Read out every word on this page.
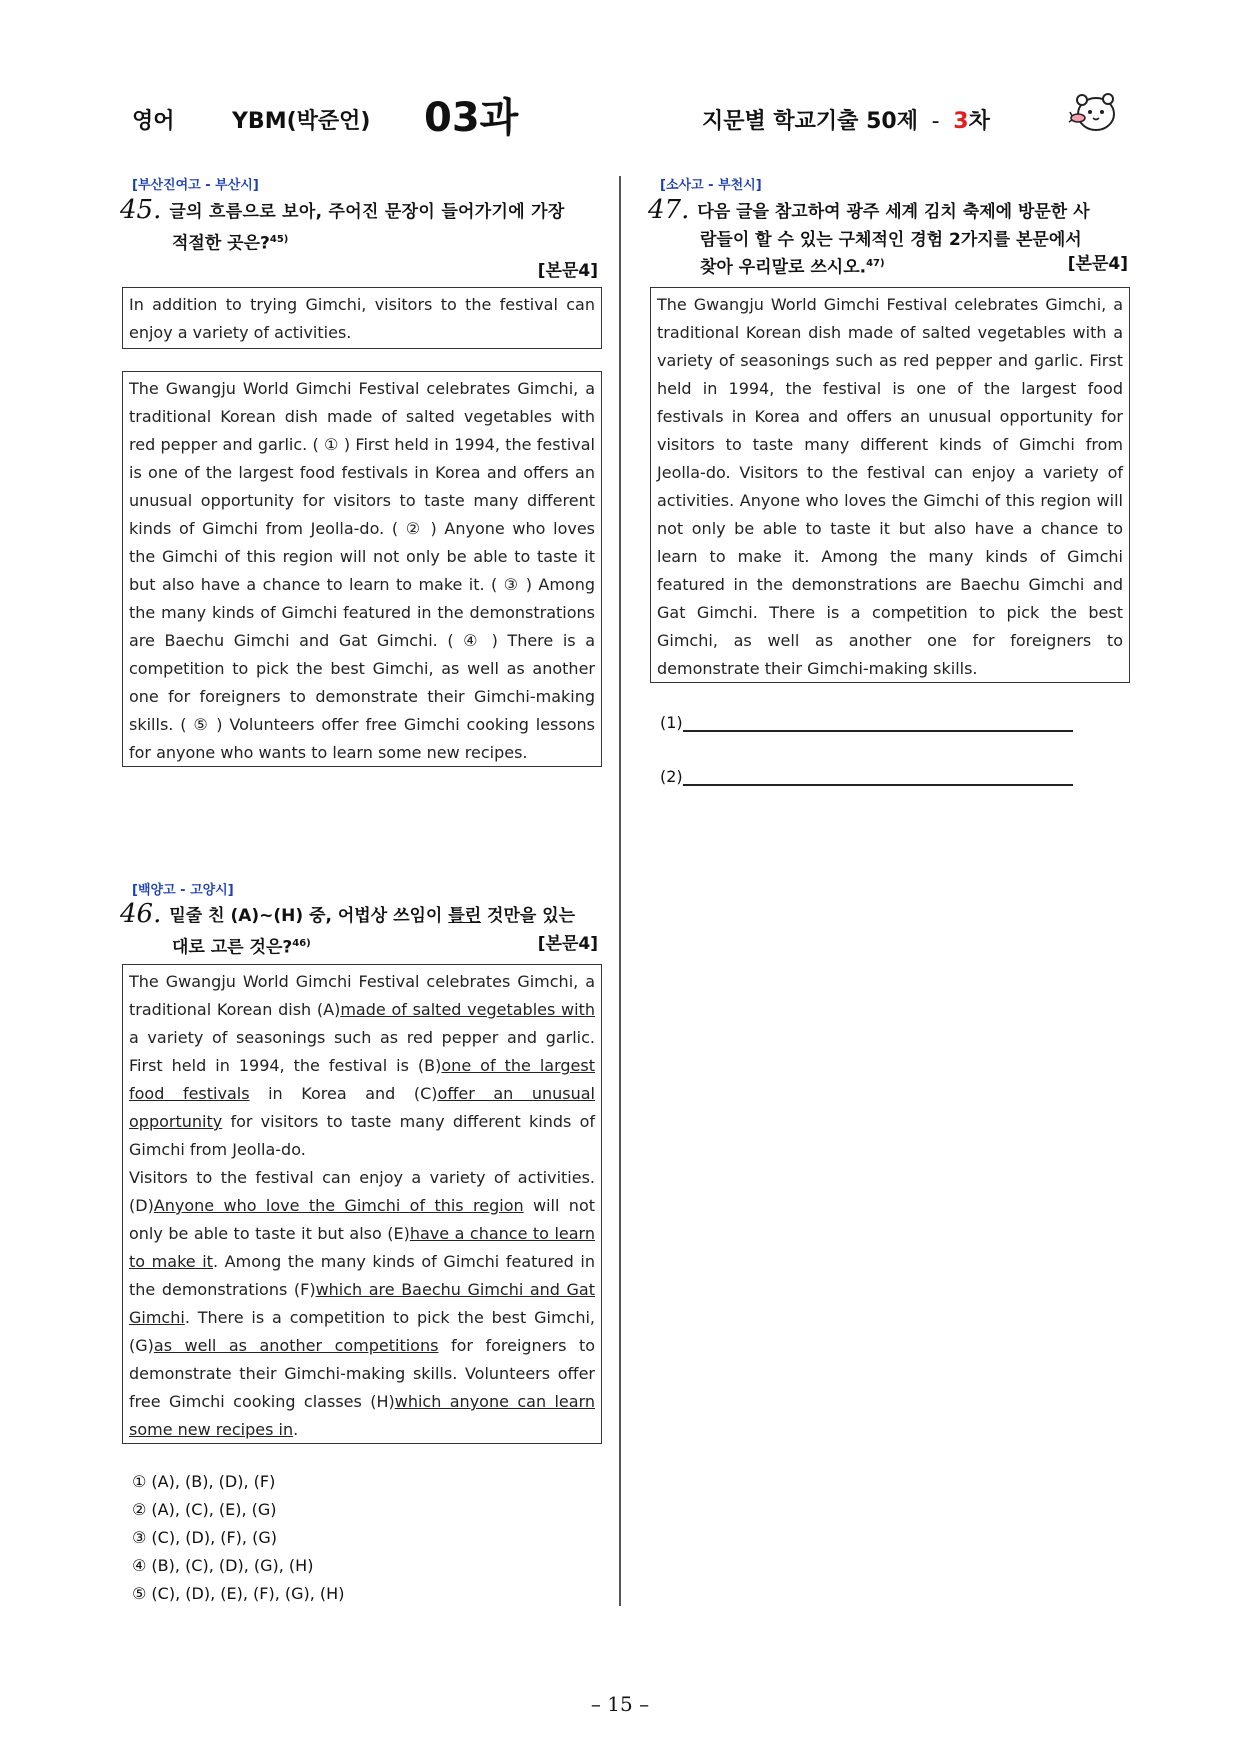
영어	YBM(박준언) 03과	지문별 학교기출 50제 - 3차
[부산진여고 - 부산시]
45. 글의 흐름으로 보아, 주어진 문장이 들어가기에 가장
적절한 곳은?$^{45)}$
[본문4]

In addition to trying Gimchi, visitors to the festival can enjoy a variety of activities.

The Gwangju World Gimchi Festival celebrates Gimchi, a traditional Korean dish made of salted vegetables with red pepper and garlic. ( ① ) First held in 1994, the festival is one of the largest food festivals in Korea and offers an unusual opportunity for visitors to taste many different kinds of Gimchi from Jeolla-do. ( ② ) Anyone who loves the Gimchi of this region will not only be able to taste it but also have a chance to learn to make it. ( ③ ) Among the many kinds of Gimchi featured in the demonstrations are Baechu Gimchi and Gat Gimchi. ( ④ ) There is a competition to pick the best Gimchi, as well as another one for foreigners to demonstrate their Gimchi-making skills. ( ⑤ ) Volunteers offer free Gimchi cooking lessons for anyone who wants to learn some new recipes.

[백양고 - 고양시]
46. 밑줄 친 (A)~(H) 중, 어법상 쓰임이 틀린 것만을 있는
대로 고른 것은?$^{46)}$	[본문4]

The Gwangju World Gimchi Festival celebrates Gimchi, a traditional Korean dish (A)made of salted vegetables with a variety of seasonings such as red pepper and garlic. First held in 1994, the festival is (B)one of the largest food festivals in Korea and (C)offer an unusual opportunity for visitors to taste many different kinds of Gimchi from Jeolla-do.

Visitors to the festival can enjoy a variety of activities. (D)Anyone who love the Gimchi of this region will not only be able to taste it but also (E)have a chance to learn to make it. Among the many kinds of Gimchi featured in the demonstrations (F)which are Baechu Gimchi and Gat Gimchi. There is a competition to pick the best Gimchi, (G)as well as another competitions for foreigners to demonstrate their Gimchi-making skills. Volunteers offer free Gimchi cooking classes (H)which anyone can learn some new recipes in.

① (A), (B), (D), (F)
② (A), (C), (E), (G)
③ (C), (D), (F), (G)
④ (B), (C), (D), (G), (H)
⑤ (C), (D), (E), (F), (G), (H)
[소사고 - 부천시]
47. 다음 글을 참고하여 광주 세계 김치 축제에 방문한 사
람들이 할 수 있는 구체적인 경험 2가지를 본문에서
찾아 우리말로 쓰시오.$^{47)}$	[본문4]

The Gwangju World Gimchi Festival celebrates Gimchi, a traditional Korean dish made of salted vegetables with a variety of seasonings such as red pepper and garlic. First held in 1994, the festival is one of the largest food festivals in Korea and offers an unusual opportunity for visitors to taste many different kinds of Gimchi from Jeolla-do. Visitors to the festival can enjoy a variety of activities. Anyone who loves the Gimchi of this region will not only be able to taste it but also have a chance to learn to make it. Among the many kinds of Gimchi featured in the demonstrations are Baechu Gimchi and Gat Gimchi. There is a competition to pick the best Gimchi, as well as another one for foreigners to demonstrate their Gimchi-making skills.

(1)
(2)
– 15 –
